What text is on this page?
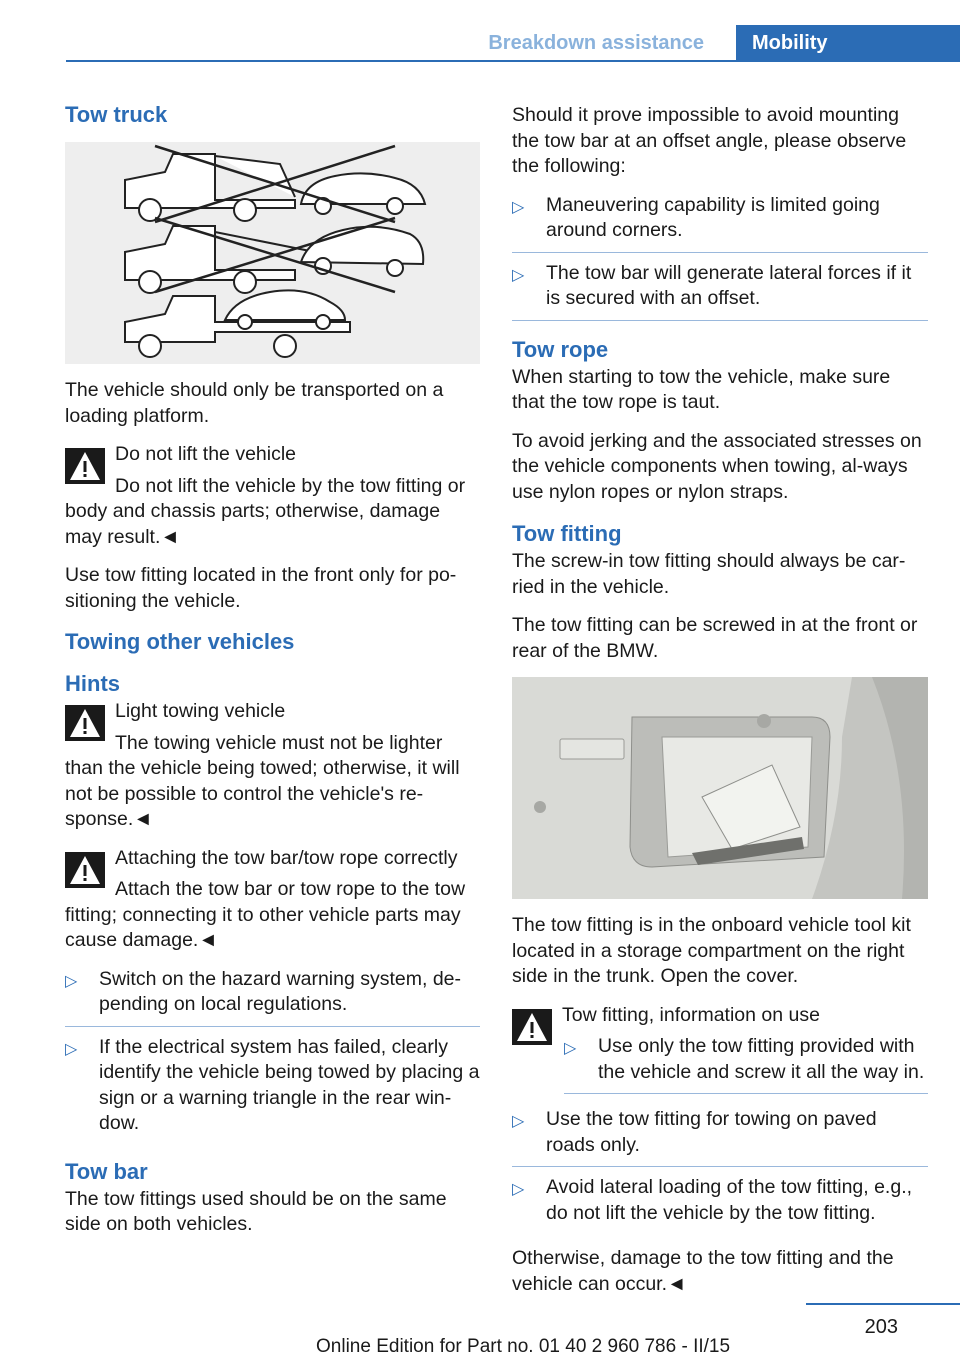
Breakdown assistance	Mobility
Tow truck

The vehicle should only be transported on a loading platform.

Do not lift the vehicle
Do not lift the vehicle by the tow fitting or body and chassis parts; otherwise, damage may result.◄

Use tow fitting located in the front only for po‐sitioning the vehicle.

Towing other vehicles
Hints
Light towing vehicle
The towing vehicle must not be lighter than the vehicle being towed; otherwise, it will not be possible to control the vehicle's re‐sponse.◄
Attaching the tow bar/tow rope correctly
Attach the tow bar or tow rope to the tow fitting; connecting it to other vehicle parts may cause damage.◄
▷ Switch on the hazard warning system, de‐pending on local regulations.
▷ If the electrical system has failed, clearly identify the vehicle being towed by placing a sign or a warning triangle in the rear win‐dow.
Tow bar

The tow fittings used should be on the same side on both vehicles.

Should it prove impossible to avoid mounting the tow bar at an offset angle, please observe the following:

▷ Maneuvering capability is limited going around corners.
▷ The tow bar will generate lateral forces if it is secured with an offset.
Tow rope

When starting to tow the vehicle, make sure that the tow rope is taut.

To avoid jerking and the associated stresses on the vehicle components when towing, al‐ways use nylon ropes or nylon straps.

Tow fitting

The screw-in tow fitting should always be car‐ried in the vehicle.

The tow fitting can be screwed in at the front or rear of the BMW.

The tow fitting is in the onboard vehicle tool kit located in a storage compartment on the right side in the trunk. Open the cover.

Tow fitting, information on use
▷ Use only the tow fitting provided with the vehicle and screw it all the way in.
▷ Use the tow fitting for towing on paved roads only.
▷ Avoid lateral loading of the tow fitting, e.g., do not lift the vehicle by the tow fitting.

Otherwise, damage to the tow fitting and the vehicle can occur.◄

203
Online Edition for Part no. 01 40 2 960 786 - II/15
